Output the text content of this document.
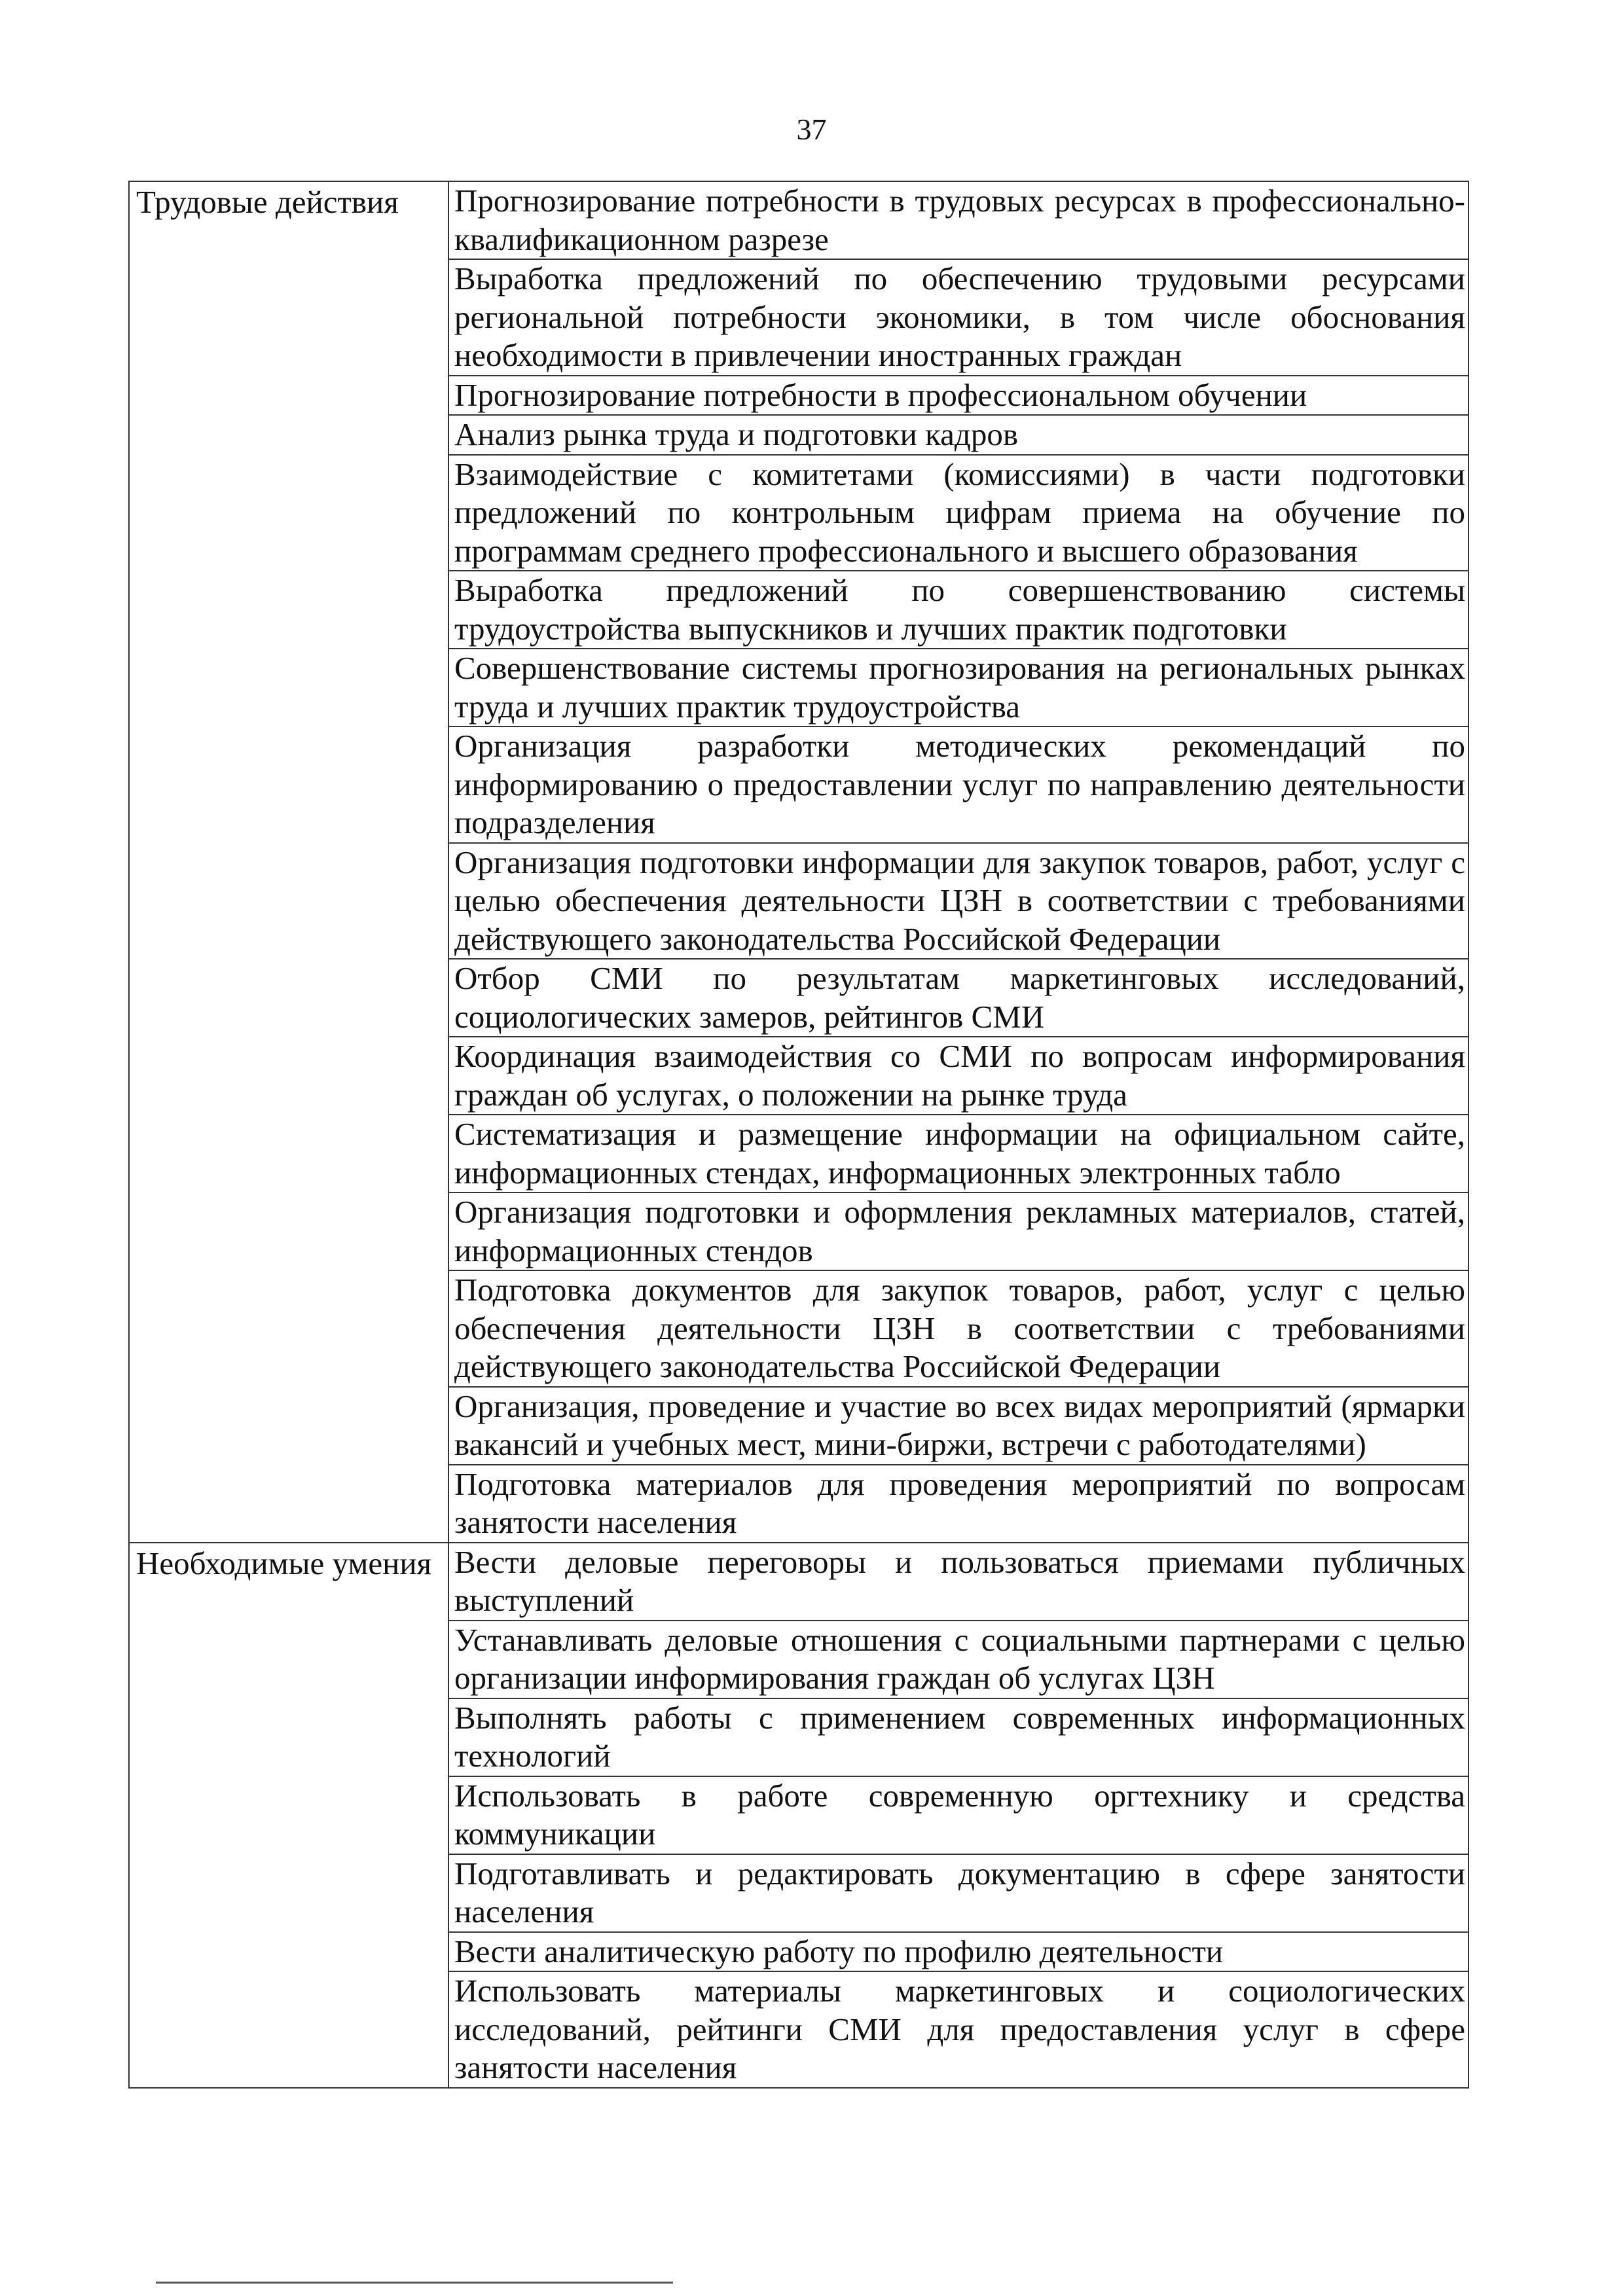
37
Трудовые действия	Прогнозирование потребности в трудовых ресурсах в профессионально-квалификационном разрезе
	Выработка предложений по обеспечению трудовыми ресурсами региональной потребности экономики, в том числе обоснования необходимости в привлечении иностранных граждан
	Прогнозирование потребности в профессиональном обучении
	Анализ рынка труда и подготовки кадров
	Взаимодействие с комитетами (комиссиями) в части подготовки предложений по контрольным цифрам приема на обучение по программам среднего профессионального и высшего образования
	Выработка предложений по совершенствованию системы трудоустройства выпускников и лучших практик подготовки
	Совершенствование системы прогнозирования на региональных рынках труда и лучших практик трудоустройства
	Организация разработки методических рекомендаций по информированию о предоставлении услуг по направлению деятельности подразделения
	Организация подготовки информации для закупок товаров, работ, услуг с целью обеспечения деятельности ЦЗН в соответствии с требованиями действующего законодательства Российской Федерации
	Отбор СМИ по результатам маркетинговых исследований, социологических замеров, рейтингов СМИ
	Координация взаимодействия со СМИ по вопросам информирования граждан об услугах, о положении на рынке труда
	Систематизация и размещение информации на официальном сайте, информационных стендах, информационных электронных табло
	Организация подготовки и оформления рекламных материалов, статей, информационных стендов
	Подготовка документов для закупок товаров, работ, услуг с целью обеспечения деятельности ЦЗН в соответствии с требованиями действующего законодательства Российской Федерации
	Организация, проведение и участие во всех видах мероприятий (ярмарки вакансий и учебных мест, мини-биржи, встречи с работодателями)
	Подготовка материалов для проведения мероприятий по вопросам занятости населения
Необходимые умения	Вести деловые переговоры и пользоваться приемами публичных выступлений
	Устанавливать деловые отношения с социальными партнерами с целью организации информирования граждан об услугах ЦЗН
	Выполнять работы с применением современных информационных технологий
	Использовать в работе современную оргтехнику и средства коммуникации
	Подготавливать и редактировать документацию в сфере занятости населения
	Вести аналитическую работу по профилю деятельности
	Использовать материалы маркетинговых и социологических исследований, рейтинги СМИ для предоставления услуг в сфере занятости населения
